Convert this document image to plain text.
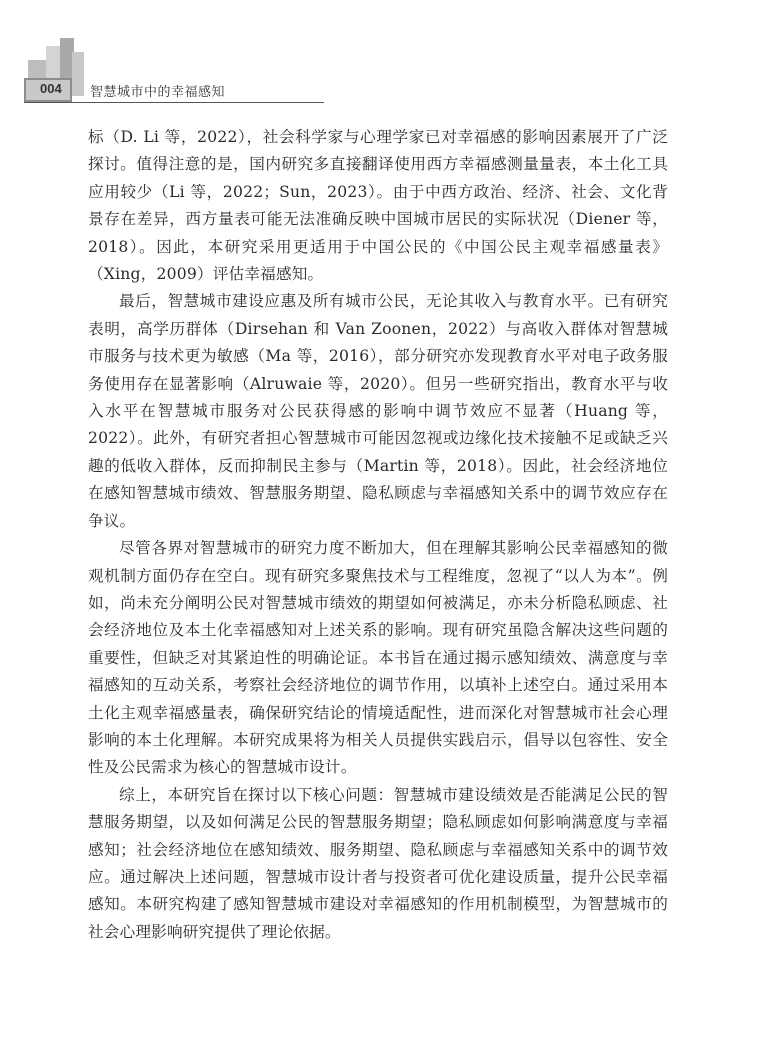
004	智慧城市中的幸福感知

标（D. Li 等，2022），社会科学家与心理学家已对幸福感的影响因素展开了广泛探讨。值得注意的是，国内研究多直接翻译使用西方幸福感测量量表，本土化工具应用较少（Li 等，2022；Sun，2023）。由于中西方政治、经济、社会、文化背景存在差异，西方量表可能无法准确反映中国城市居民的实际状况（Diener 等，2018）。因此，本研究采用更适用于中国公民的《中国公民主观幸福感量表》（Xing，2009）评估幸福感知。

最后，智慧城市建设应惠及所有城市公民，无论其收入与教育水平。已有研究表明，高学历群体（Dirsehan 和 Van Zoonen，2022）与高收入群体对智慧城市服务与技术更为敏感（Ma 等，2016），部分研究亦发现教育水平对电子政务服务使用存在显著影响（Alruwaie 等，2020）。但另一些研究指出，教育水平与收入水平在智慧城市服务对公民获得感的影响中调节效应不显著（Huang 等，2022）。此外，有研究者担心智慧城市可能因忽视或边缘化技术接触不足或缺乏兴趣的低收入群体，反而抑制民主参与（Martin 等，2018）。因此，社会经济地位在感知智慧城市绩效、智慧服务期望、隐私顾虑与幸福感知关系中的调节效应存在争议。

尽管各界对智慧城市的研究力度不断加大，但在理解其影响公民幸福感知的微观机制方面仍存在空白。现有研究多聚焦技术与工程维度，忽视了“以人为本”。例如，尚未充分阐明公民对智慧城市绩效的期望如何被满足，亦未分析隐私顾虑、社会经济地位及本土化幸福感知对上述关系的影响。现有研究虽隐含解决这些问题的重要性，但缺乏对其紧迫性的明确论证。本书旨在通过揭示感知绩效、满意度与幸福感知的互动关系，考察社会经济地位的调节作用，以填补上述空白。通过采用本土化主观幸福感量表，确保研究结论的情境适配性，进而深化对智慧城市社会心理影响的本土化理解。本研究成果将为相关人员提供实践启示，倡导以包容性、安全性及公民需求为核心的智慧城市设计。

综上，本研究旨在探讨以下核心问题：智慧城市建设绩效是否能满足公民的智慧服务期望，以及如何满足公民的智慧服务期望；隐私顾虑如何影响满意度与幸福感知；社会经济地位在感知绩效、服务期望、隐私顾虑与幸福感知关系中的调节效应。通过解决上述问题，智慧城市设计者与投资者可优化建设质量，提升公民幸福感知。本研究构建了感知智慧城市建设对幸福感知的作用机制模型，为智慧城市的社会心理影响研究提供了理论依据。
